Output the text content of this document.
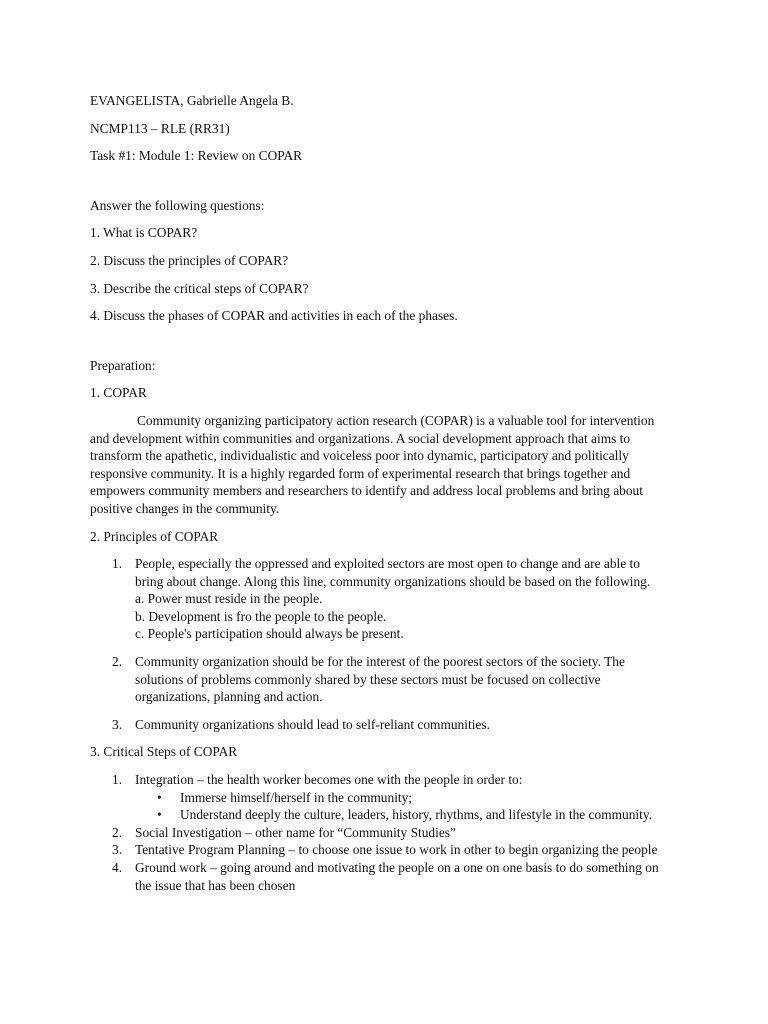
EVANGELISTA, Gabrielle Angela B.

NCMP113 – RLE (RR31)

Task #1: Module 1: Review on COPAR

Answer the following questions:

1. What is COPAR?

2. Discuss the principles of COPAR?

3. Describe the critical steps of COPAR?

4. Discuss the phases of COPAR and activities in each of the phases.

Preparation:

1. COPAR

Community organizing participatory action research (COPAR) is a valuable tool for intervention
and development within communities and organizations. A social development approach that aims to
transform the apathetic, individualistic and voiceless poor into dynamic, participatory and politically
responsive community. It is a highly regarded form of experimental research that brings together and
empowers community members and researchers to identify and address local problems and bring about
positive changes in the community.

2. Principles of COPAR

1. People, especially the oppressed and exploited sectors are most open to change and are able to
bring about change. Along this line, community organizations should be based on the following.
a. Power must reside in the people.
b. Development is fro the people to the people.
c. People's participation should always be present.
2. Community organization should be for the interest of the poorest sectors of the society. The
solutions of problems commonly shared by these sectors must be focused on collective
organizations, planning and action.
3. Community organizations should lead to self-reliant communities.

3. Critical Steps of COPAR

1. Integration – the health worker becomes one with the people in order to:
• Immerse himself/herself in the community;
• Understand deeply the culture, leaders, history, rhythms, and lifestyle in the community.
2. Social Investigation – other name for “Community Studies”
3. Tentative Program Planning – to choose one issue to work in other to begin organizing the people
4. Ground work – going around and motivating the people on a one on one basis to do something on
the issue that has been chosen
